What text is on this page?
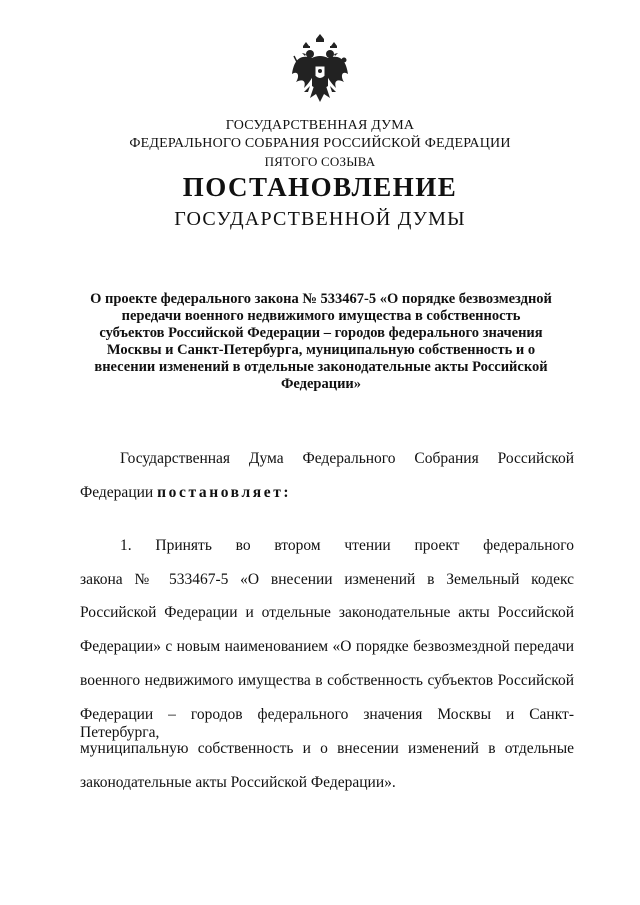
ГОСУДАРСТВЕННАЯ ДУМА
ФЕДЕРАЛЬНОГО СОБРАНИЯ РОССИЙСКОЙ ФЕДЕРАЦИИ
ПЯТОГО СОЗЫВА
ПОСТАНОВЛЕНИЕ
ГОСУДАРСТВЕННОЙ ДУМЫ
О проекте федерального закона № 533467-5 «О порядке безвозмездной
передачи военного недвижимого имущества в собственность
субъектов Российской Федерации – городов федерального значения
Москвы и Санкт-Петербурга, муниципальную собственность и о
внесении изменений в отдельные законодательные акты Российской
Федерации»
Государственная Дума Федерального Собрания Российской
Федерации постановляет:
1. Принять во втором чтении проект федерального
закона № 533467-5 «О внесении изменений в Земельный кодекс
Российской Федерации и отдельные законодательные акты Российской
Федерации» с новым наименованием «О порядке безвозмездной передачи
военного недвижимого имущества в собственность субъектов Российской
Федерации – городов федерального значения Москвы и Санкт-Петербурга,
муниципальную собственность и о внесении изменений в отдельные
законодательные акты Российской Федерации».
